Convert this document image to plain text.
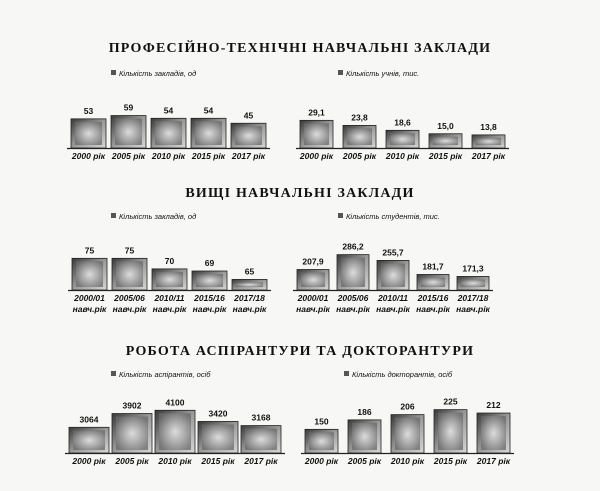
ПРОФЕСІЙНО-ТЕХНІЧНІ НАВЧАЛЬНІ ЗАКЛАДИ
ВИЩІ НАВЧАЛЬНІ ЗАКЛАДИ
РОБОТА АСПІРАНТУРИ ТА ДОКТОРАНТУРИ
Кількість закладів, од
53
2000 рік
59
2005 рік
54
2010 рік
54
2015 рік
45
2017 рік
Кількість учнів, тис.
29,1
2000 рік
23,8
2005 рік
18,6
2010 рік
15,0
2015 рік
13,8
2017 рік
Кількість закладів, од
75
2000/01
навч.рік
75
2005/06
навч.рік
70
2010/11
навч.рік
69
2015/16
навч.рік
65
2017/18
навч.рік
Кількість студентів, тис.
207,9
2000/01
навч.рік
286,2
2005/06
навч.рік
255,7
2010/11
навч.рік
181,7
2015/16
навч.рік
171,3
2017/18
навч.рік
Кількість аспірантів, осіб
3064
2000 рік
3902
2005 рік
4100
2010 рік
3420
2015 рік
3168
2017 рік
Кількість докторантів, осіб
150
2000 рік
186
2005 рік
206
2010 рік
225
2015 рік
212
2017 рік
